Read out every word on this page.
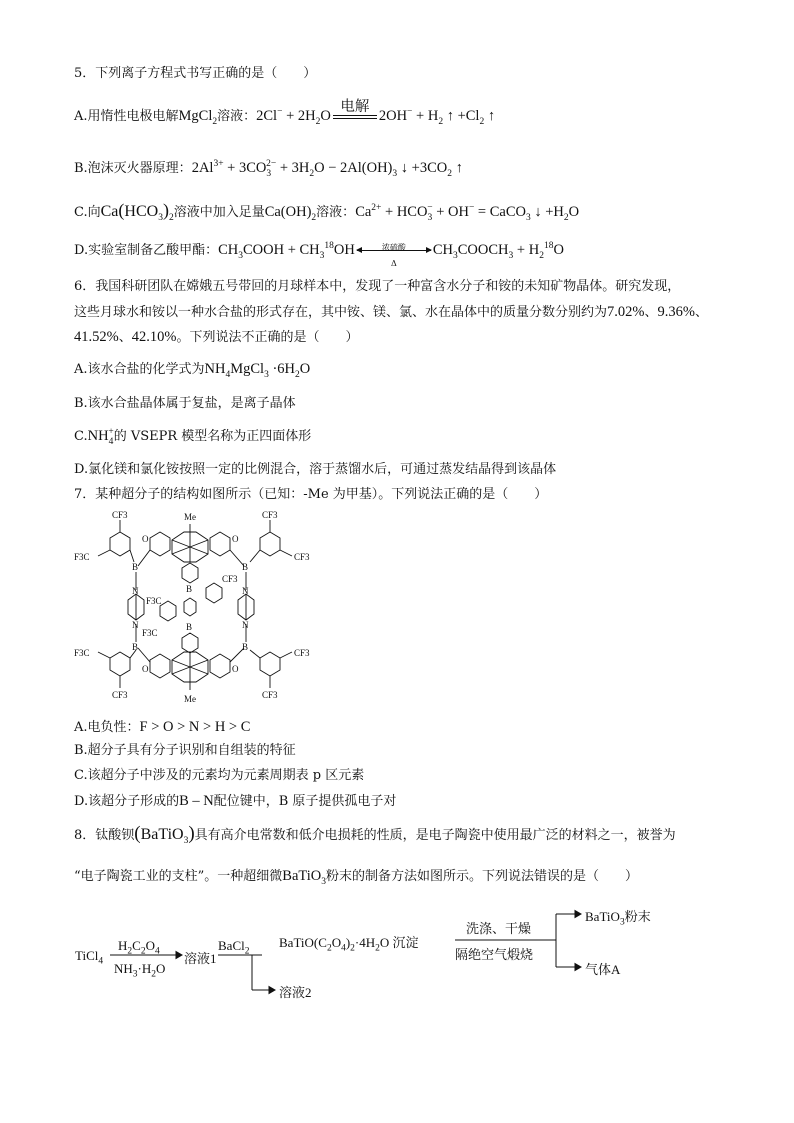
5．下列离子方程式书写正确的是（　　）
A.用惰性电极电解MgCl$_2$溶液：$2Cl^- + 2H_2O$
电解
$2OH^- + H_2$ ↑ $+Cl_2$ ↑
B.泡沫灭火器原理：$2Al^{3+} + 3CO_3^{2-} + 3H_2O - 2Al(OH)_3$ ↓ $+3CO_2$ ↑
C.向$Ca(HCO_3)_2$溶液中加入足量$Ca(OH)_2$溶液：$Ca^{2+} + HCO_3^- + OH^-$ = CaCO$_3$ ↓ $+H_2O$
D.实验室制备乙酸甲酯：$CH_3COOH + CH_3^{18}OH$	浓硫酸
Δ
$CH_3COOCH_3 + H_2^{18}O$
6．我国科研团队在嫦娥五号带回的月球样本中，发现了一种富含水分子和铵的未知矿物晶体。研究发现，
这些月球水和铵以一种水合盐的形式存在，其中铵、镁、氯、水在晶体中的质量分数分别约为7.02%、9.36%、
41.52%、42.10%。下列说法不正确的是（　　）
A.该水合盐的化学式为$NH_4MgCl_3 \cdot 6H_2O$
B.该水合盐晶体属于复盐，是离子晶体
$C.NH_4^+$的 VSEPR 模型名称为正四面体形
D.氯化镁和氯化铵按照一定的比例混合，溶于蒸馏水后，可通过蒸发结晶得到该晶体
7．某种超分子的结构如图所示（已知：-Me 为甲基）。下列说法正确的是（　　）
Me
Me
CF3	CF3
CF3
CF3
CF3	CF3
CF3
F3C
F3C
F3C
F3C
B	B
B	B
B
B
N
N
N
N
O	O
O	O
A.电负性：F > O > N > H > C
B.超分子具有分子识别和自组装的特征
C.该超分子中涉及的元素均为元素周期表 p 区元素
D.该超分子形成的B – N配位键中，B 原子提供孤电子对
8．钛酸钡(BaTiO$_3$)具有高介电常数和低介电损耗的性质，是电子陶瓷中使用最广泛的材料之一，被誉为
“电子陶瓷工业的支柱”。一种超细微BaTiO$_3$粉末的制备方法如图所示。下列说法错误的是（　　）
TiCl$_4$
$H_2C_2O_4$
$NH_3\cdot H_2O$
溶液1
BaCl$_2$
$BaTiO(C_2O_4)_2\cdot 4H_2O$ 沉淀
洗涤、干燥
隔绝空气煅烧
BaTiO$_3$粉末
气体A
溶液2
